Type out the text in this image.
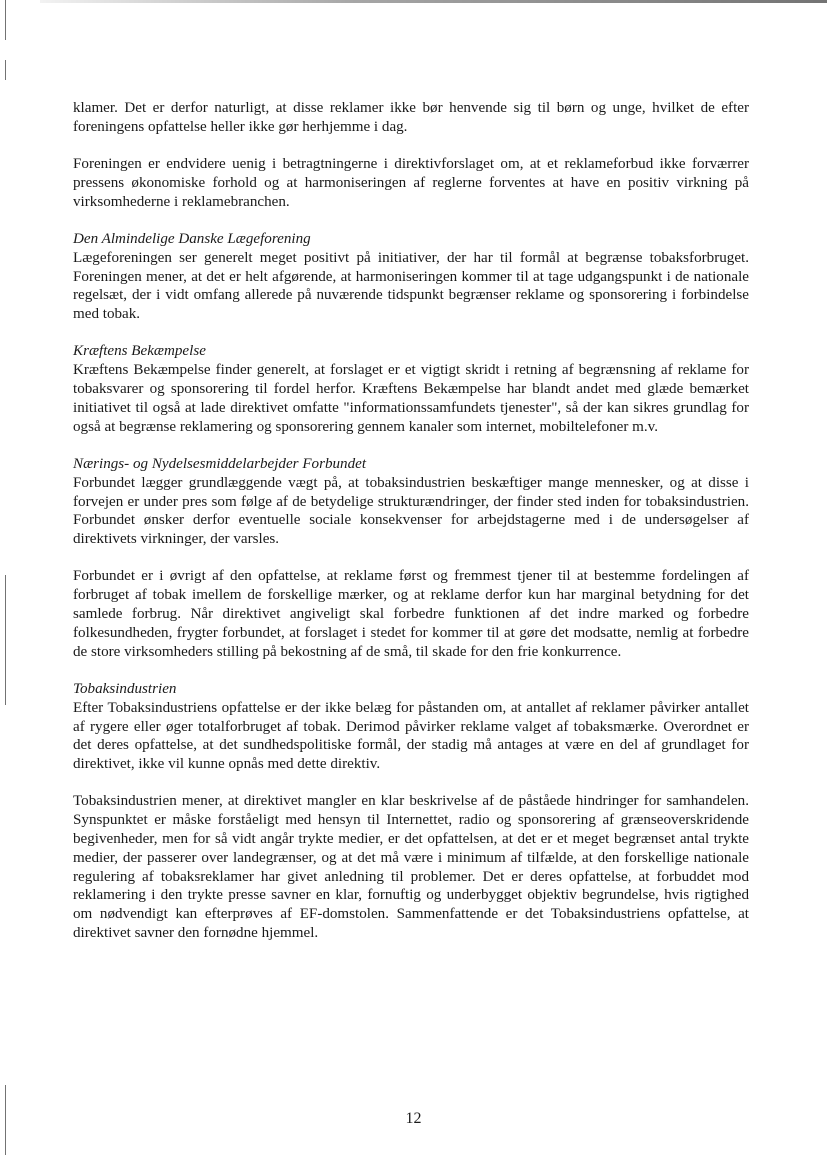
klamer. Det er derfor naturligt, at disse reklamer ikke bør henvende sig til børn og unge, hvilket de efter foreningens opfattelse heller ikke gør herhjemme i dag.

Foreningen er endvidere uenig i betragtningerne i direktivforslaget om, at et reklameforbud ikke forværrer pressens økonomiske forhold og at harmoniseringen af reglerne forventes at have en positiv virkning på virksomhederne i reklamebranchen.

Den Almindelige Danske Lægeforening

Lægeforeningen ser generelt meget positivt på initiativer, der har til formål at begrænse tobaksforbruget. Foreningen mener, at det er helt afgørende, at harmoniseringen kommer til at tage udgangspunkt i de nationale regelsæt, der i vidt omfang allerede på nuværende tidspunkt begrænser reklame og sponsorering i forbindelse med tobak.

Kræftens Bekæmpelse

Kræftens Bekæmpelse finder generelt, at forslaget er et vigtigt skridt i retning af begrænsning af reklame for tobaksvarer og sponsorering til fordel herfor. Kræftens Bekæmpelse har blandt andet med glæde bemærket initiativet til også at lade direktivet omfatte "informationssamfundets tjenester", så der kan sikres grundlag for også at begrænse reklamering og sponsorering gennem kanaler som internet, mobiltelefoner m.v.

Nærings- og Nydelsesmiddelarbejder Forbundet

Forbundet lægger grundlæggende vægt på, at tobaksindustrien beskæftiger mange mennesker, og at disse i forvejen er under pres som følge af de betydelige strukturændringer, der finder sted inden for tobaksindustrien. Forbundet ønsker derfor eventuelle sociale konsekvenser for arbejdstagerne med i de undersøgelser af direktivets virkninger, der varsles.

Forbundet er i øvrigt af den opfattelse, at reklame først og fremmest tjener til at bestemme fordelingen af forbruget af tobak imellem de forskellige mærker, og at reklame derfor kun har marginal betydning for det samlede forbrug. Når direktivet angiveligt skal forbedre funktionen af det indre marked og forbedre folkesundheden, frygter forbundet, at forslaget i stedet for kommer til at gøre det modsatte, nemlig at forbedre de store virksomheders stilling på bekostning af de små, til skade for den frie konkurrence.

Tobaksindustrien

Efter Tobaksindustriens opfattelse er der ikke belæg for påstanden om, at antallet af reklamer påvirker antallet af rygere eller øger totalforbruget af tobak. Derimod påvirker reklame valget af tobaksmærke. Overordnet er det deres opfattelse, at det sundhedspolitiske formål, der stadig må antages at være en del af grundlaget for direktivet, ikke vil kunne opnås med dette direktiv.

Tobaksindustrien mener, at direktivet mangler en klar beskrivelse af de påståede hindringer for samhandelen. Synspunktet er måske forståeligt med hensyn til Internettet, radio og sponsorering af grænseoverskridende begivenheder, men for så vidt angår trykte medier, er det opfattelsen, at det er et meget begrænset antal trykte medier, der passerer over landegrænser, og at det må være i minimum af tilfælde, at den forskellige nationale regulering af tobaksreklamer har givet anledning til problemer. Det er deres opfattelse, at forbuddet mod reklamering i den trykte presse savner en klar, fornuftig og underbygget objektiv begrundelse, hvis rigtighed om nødvendigt kan efterprøves af EF-domstolen. Sammenfattende er det Tobaksindustriens opfattelse, at direktivet savner den fornødne hjemmel.

12
